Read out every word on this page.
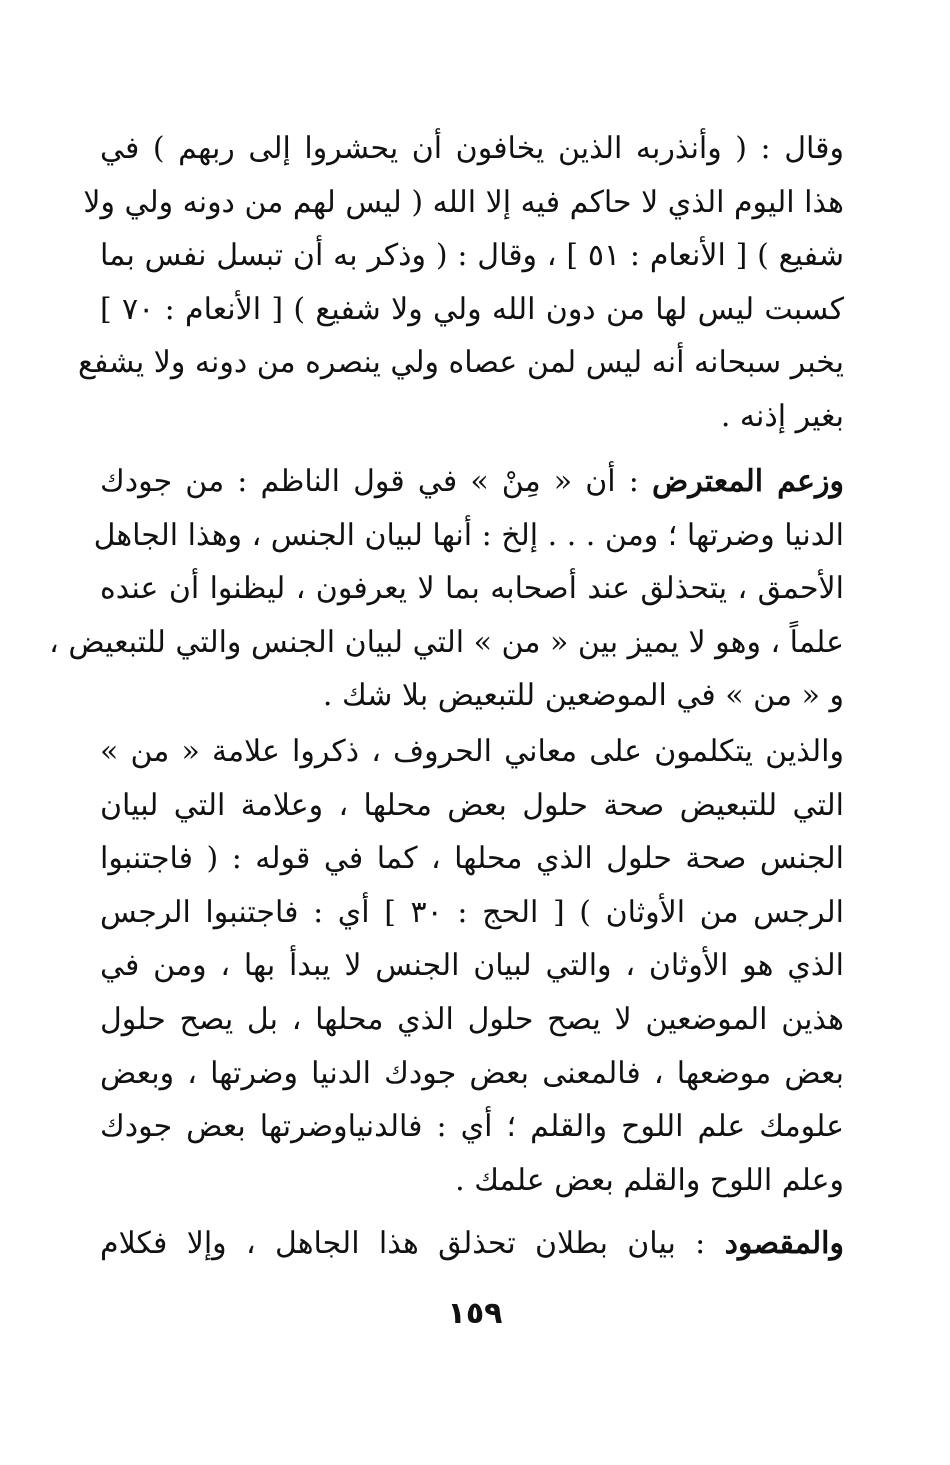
وقال : ( وأنذربه الذين يخافون أن يحشروا إلى ربهم ) في
هذا اليوم الذي لا حاكم فيه إلا الله ( ليس لهم من دونه ولي ولا
شفيع ) [ الأنعام : ٥١ ] ، وقال : ( وذكر به أن تبسل نفس بما
كسبت ليس لها من دون الله ولي ولا شفيع ) [ الأنعام : ٧٠ ]
يخبر سبحانه أنه ليس لمن عصاه ولي ينصره من دونه ولا يشفع
بغير إذنه .
وزعم المعترض : أن « مِنْ » في قول الناظم : من جودك
الدنيا وضرتها ؛ ومن . . . إلخ : أنها لبيان الجنس ، وهذا الجاهل
الأحمق ، يتحذلق عند أصحابه بما لا يعرفون ، ليظنوا أن عنده
علماً ، وهو لا يميز بين « من » التي لبيان الجنس والتي للتبعيض ،
و « من » في الموضعين للتبعيض بلا شك .
والذين يتكلمون على معاني الحروف ، ذكروا علامة « من »
التي للتبعيض صحة حلول بعض محلها ، وعلامة التي لبيان
الجنس صحة حلول الذي محلها ، كما في قوله : ( فاجتنبوا
الرجس من الأوثان ) [ الحج : ٣٠ ] أي : فاجتنبوا الرجس
الذي هو الأوثان ، والتي لبيان الجنس لا يبدأ بها ، ومن في
هذين الموضعين لا يصح حلول الذي محلها ، بل يصح حلول
بعض موضعها ، فالمعنى بعض جودك الدنيا وضرتها ، وبعض
علومك علم اللوح والقلم ؛ أي : فالدنياوضرتها بعض جودك
وعلم اللوح والقلم بعض علمك .
والمقصود : بيان بطلان تحذلق هذا الجاهل ، وإلا فكلام
١٥٩
